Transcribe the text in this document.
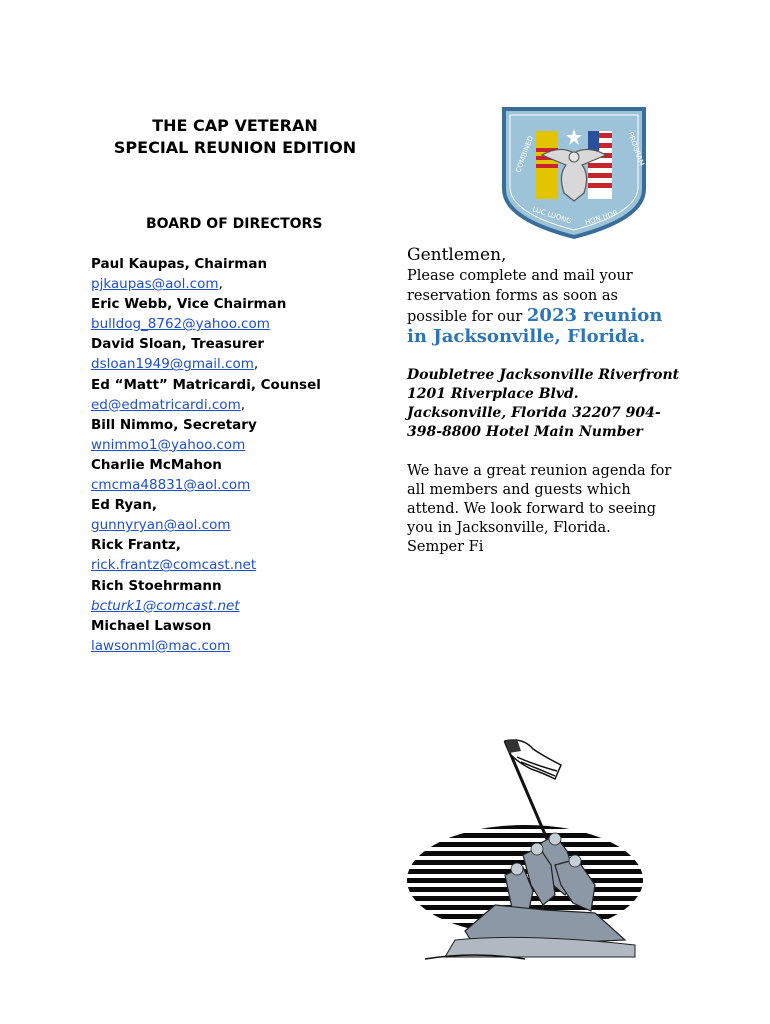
THE CAP VETERAN
SPECIAL REUNION EDITION	COMBINED	PROGRAM
LUC LUONG HON HOP
BOARD OF DIRECTORS
Paul Kaupas, Chairman
pjkaupas@aol.com,
Eric Webb, Vice Chairman
bulldog_8762@yahoo.com
David Sloan, Treasurer
dsloan1949@gmail.com,
Ed “Matt” Matricardi, Counsel
ed@edmatricardi.com,
Bill Nimmo, Secretary
wnimmo1@yahoo.com
Charlie McMahon
cmcma48831@aol.com
Ed Ryan,
gunnyryan@aol.com
Rick Frantz,
rick.frantz@comcast.net
Rich Stoehrmann
bcturk1@comcast.net
Michael Lawson
lawsonml@mac.com

Gentlemen,

Please complete and mail your reservation forms as soon as possible for our 2023 reunion in Jacksonville, Florida.

Doubletree Jacksonville Riverfront 1201 Riverplace Blvd. Jacksonville, Florida 32207 904-398-8800 Hotel Main Number
We have a great reunion agenda for all members and guests which attend. We look forward to seeing you in Jacksonville, Florida.
Semper Fi
